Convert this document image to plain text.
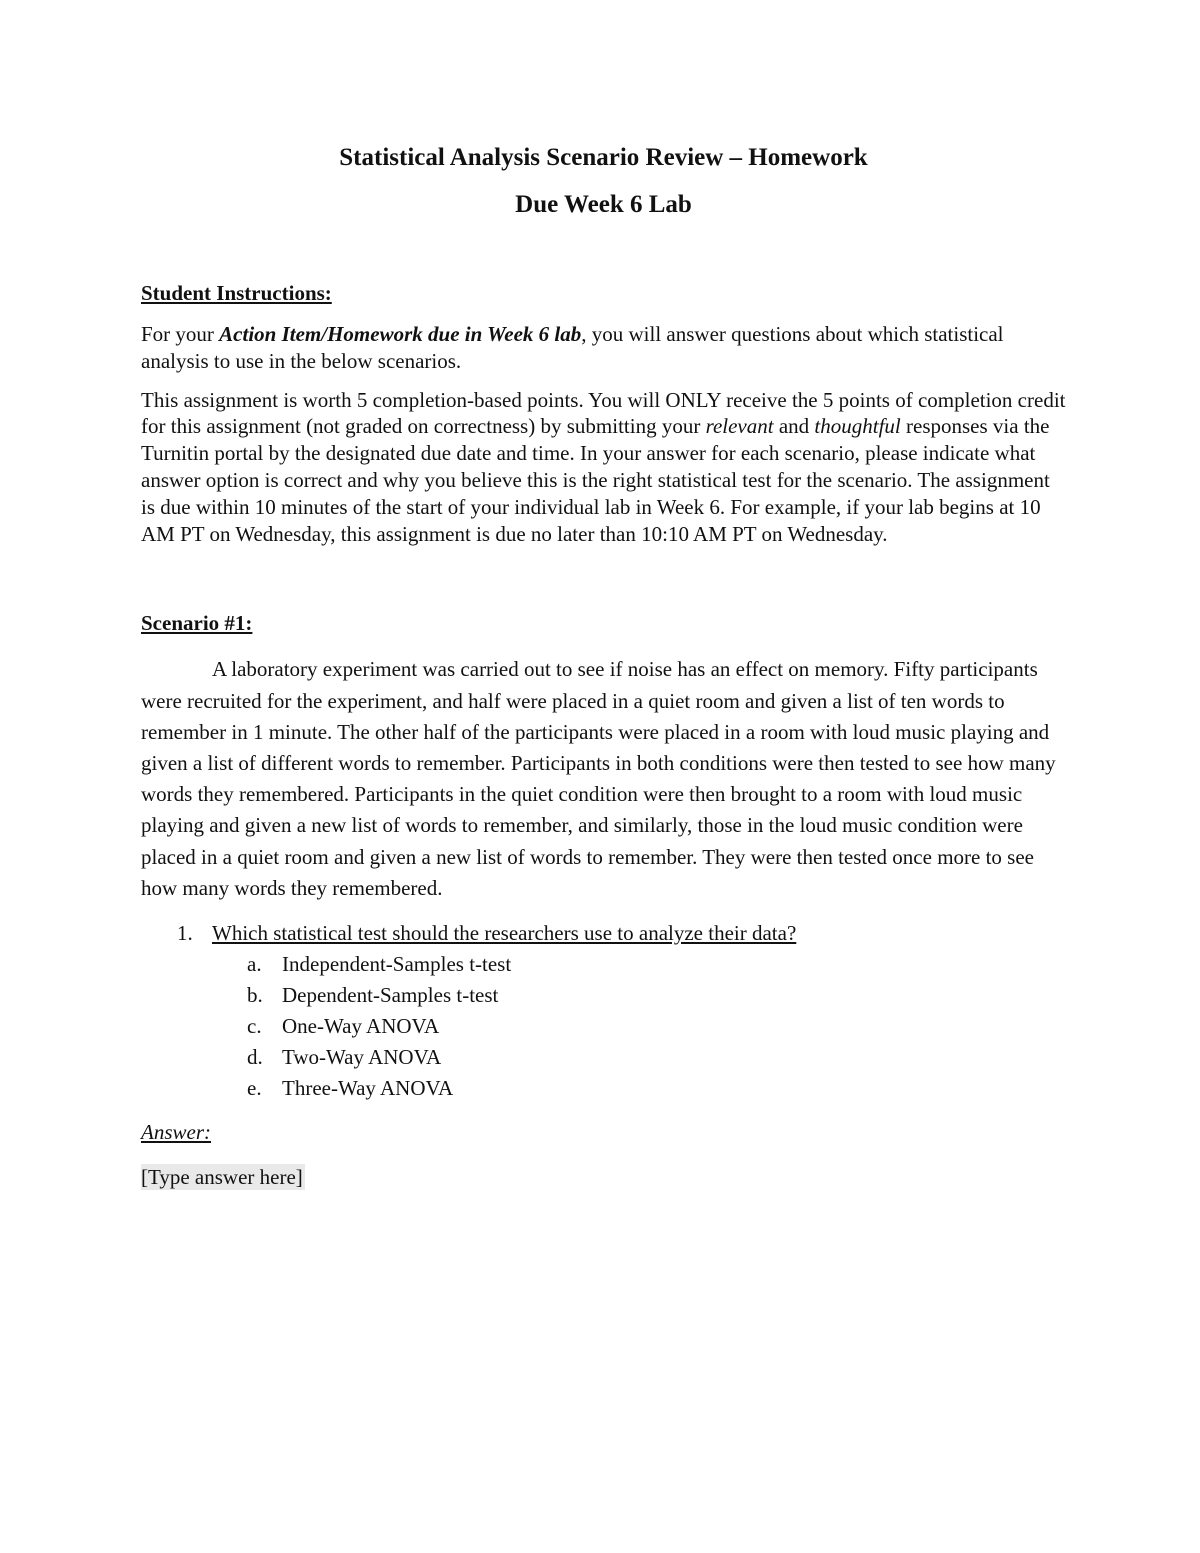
Statistical Analysis Scenario Review – Homework
Due Week 6 Lab

Student Instructions:

For your Action Item/Homework due in Week 6 lab, you will answer questions about which statistical analysis to use in the below scenarios.

This assignment is worth 5 completion-based points. You will ONLY receive the 5 points of completion credit for this assignment (not graded on correctness) by submitting your relevant and thoughtful responses via the Turnitin portal by the designated due date and time. In your answer for each scenario, please indicate what answer option is correct and why you believe this is the right statistical test for the scenario. The assignment is due within 10 minutes of the start of your individual lab in Week 6. For example, if your lab begins at 10 AM PT on Wednesday, this assignment is due no later than 10:10 AM PT on Wednesday.

Scenario #1:

A laboratory experiment was carried out to see if noise has an effect on memory. Fifty participants were recruited for the experiment, and half were placed in a quiet room and given a list of ten words to remember in 1 minute. The other half of the participants were placed in a room with loud music playing and given a list of different words to remember. Participants in both conditions were then tested to see how many words they remembered. Participants in the quiet condition were then brought to a room with loud music playing and given a new list of words to remember, and similarly, those in the loud music condition were placed in a quiet room and given a new list of words to remember. They were then tested once more to see how many words they remembered.

1. Which statistical test should the researchers use to analyze their data?
a. Independent-Samples t-test
b. Dependent-Samples t-test
c. One-Way ANOVA
d. Two-Way ANOVA
e. Three-Way ANOVA

Answer:

[Type answer here]
